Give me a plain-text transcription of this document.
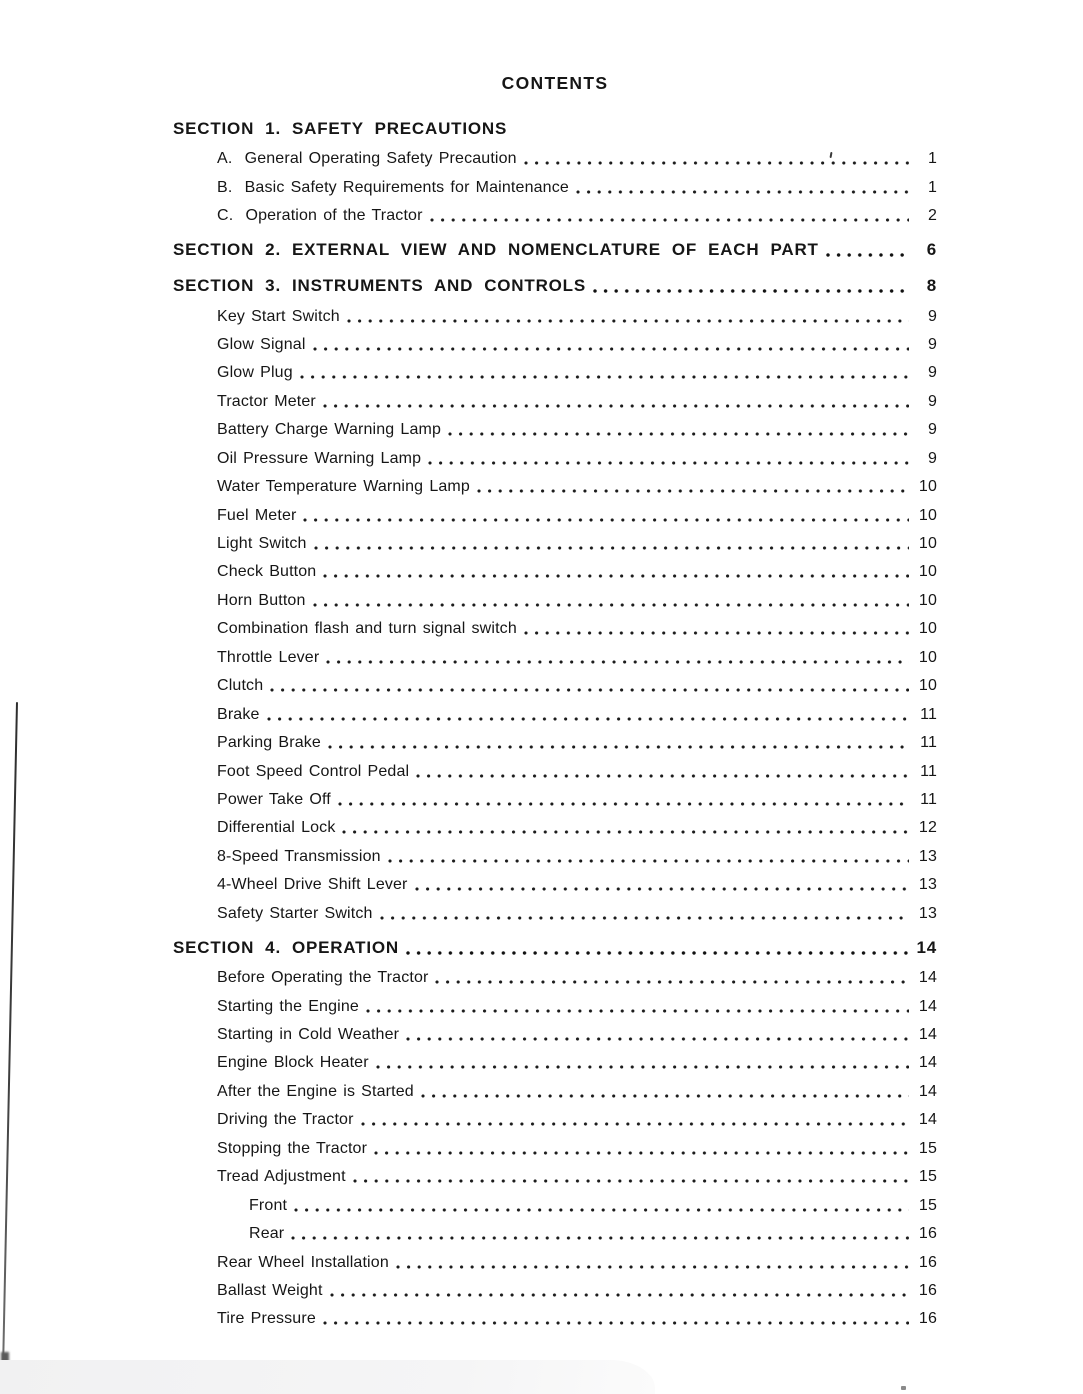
CONTENTS
SECTION 1. SAFETY PRECAUTIONS
A.  General Operating Safety Precaution	1
B.  Basic Safety Requirements for Maintenance	1
C.  Operation of the Tractor	2
SECTION 2. EXTERNAL VIEW AND NOMENCLATURE OF EACH PART	6
SECTION 3. INSTRUMENTS AND CONTROLS	8
Key Start Switch	9
Glow Signal	9
Glow Plug	9
Tractor Meter	9
Battery Charge Warning Lamp	9
Oil Pressure Warning Lamp	9
Water Temperature Warning Lamp	10
Fuel Meter	10
Light Switch	10
Check Button	10
Horn Button	10
Combination flash and turn signal switch	10
Throttle Lever	10
Clutch	10
Brake	11
Parking Brake	11
Foot Speed Control Pedal	11
Power Take Off	11
Differential Lock	12
8-Speed Transmission	13
4-Wheel Drive Shift Lever	13
Safety Starter Switch	13
SECTION 4. OPERATION	14
Before Operating the Tractor	14
Starting the Engine	14
Starting in Cold Weather	14
Engine Block Heater	14
After the Engine is Started	14
Driving the Tractor	14
Stopping the Tractor	15
Tread Adjustment	15
Front	15
Rear	16
Rear Wheel Installation	16
Ballast Weight	16
Tire Pressure	16
